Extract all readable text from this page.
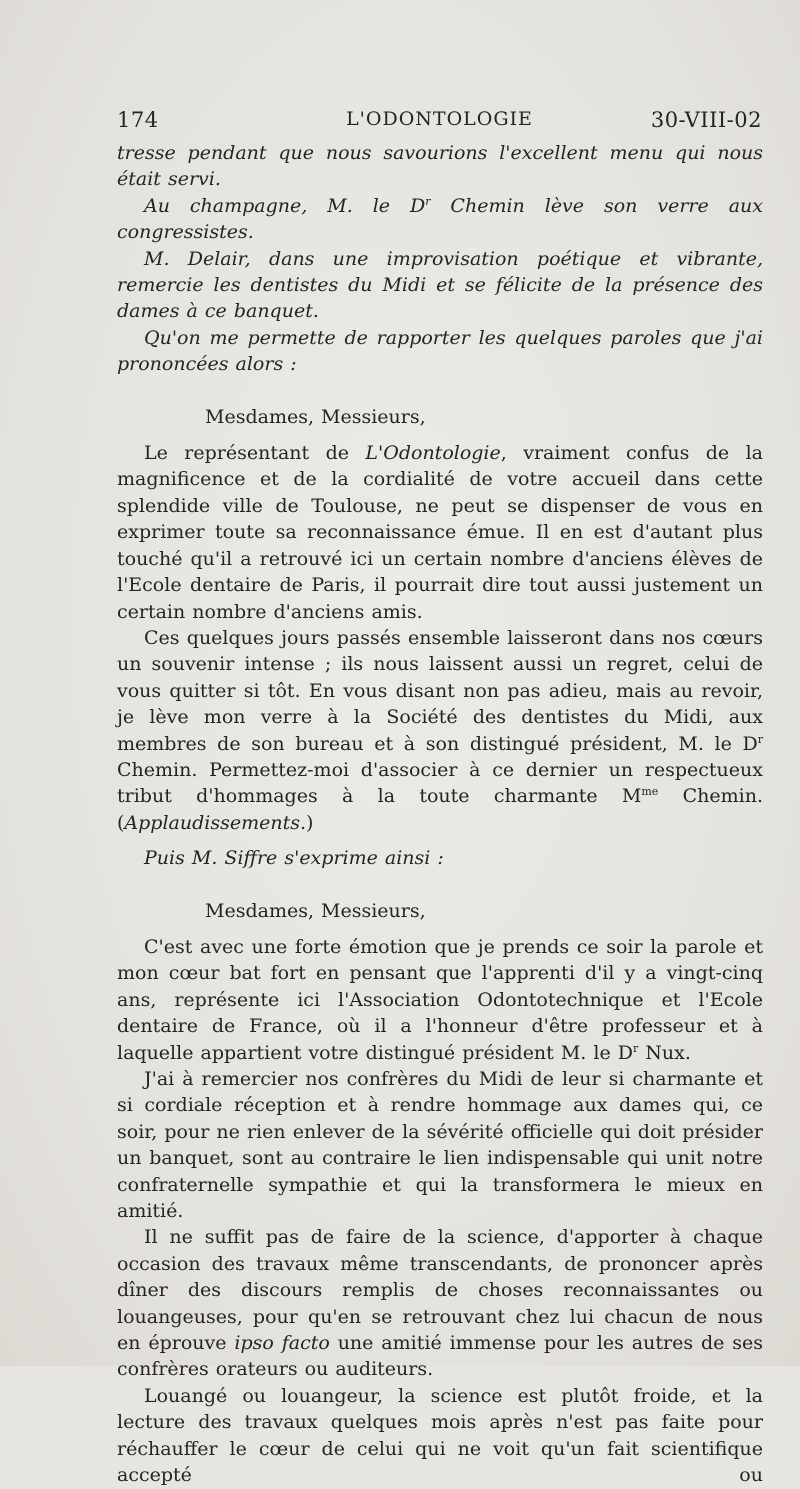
174	L'ODONTOLOGIE	30-VIII-02

tresse pendant que nous savourions l'excellent menu qui nous était servi.

Au champagne, M. le $D^r$ Chemin lève son verre aux congressistes.

M. Delair, dans une improvisation poétique et vibrante, remercie les dentistes du Midi et se félicite de la présence des dames à ce banquet.

Qu'on me permette de rapporter les quelques paroles que j'ai prononcées alors :

Mesdames, Messieurs,

Le représentant de L'Odontologie, vraiment confus de la magnificence et de la cordialité de votre accueil dans cette splendide ville de Toulouse, ne peut se dispenser de vous en exprimer toute sa reconnaissance émue. Il en est d'autant plus touché qu'il a retrouvé ici un certain nombre d'anciens élèves de l'Ecole dentaire de Paris, il pourrait dire tout aussi justement un certain nombre d'anciens amis.

Ces quelques jours passés ensemble laisseront dans nos cœurs un souvenir intense ; ils nous laissent aussi un regret, celui de vous quitter si tôt. En vous disant non pas adieu, mais au revoir, je lève mon verre à la Société des dentistes du Midi, aux membres de son bureau et à son distingué président, M. le $D^r$ Chemin. Permettez-moi d'associer à ce dernier un respectueux tribut d'hommages à la toute charmante $M^{me}$ Chemin. (Applaudissements.)

Puis M. Siffre s'exprime ainsi :

Mesdames, Messieurs,

C'est avec une forte émotion que je prends ce soir la parole et mon cœur bat fort en pensant que l'apprenti d'il y a vingt-cinq ans, représente ici l'Association Odontotechnique et l'Ecole dentaire de France, où il a l'honneur d'être professeur et à laquelle appartient votre distingué président M. le $D^r$ Nux.

J'ai à remercier nos confrères du Midi de leur si charmante et si cordiale réception et à rendre hommage aux dames qui, ce soir, pour ne rien enlever de la sévérité officielle qui doit présider un banquet, sont au contraire le lien indispensable qui unit notre confraternelle sympathie et qui la transformera le mieux en amitié.

Il ne suffit pas de faire de la science, d'apporter à chaque occasion des travaux même transcendants, de prononcer après dîner des discours remplis de choses reconnaissantes ou louangeuses, pour qu'en se retrouvant chez lui chacun de nous en éprouve ipso facto une amitié immense pour les autres de ses confrères orateurs ou auditeurs.

Louangé ou louangeur, la science est plutôt froide, et la lecture des travaux quelques mois après n'est pas faite pour réchauffer le cœur de celui qui ne voit qu'un fait scientifique accepté ou
